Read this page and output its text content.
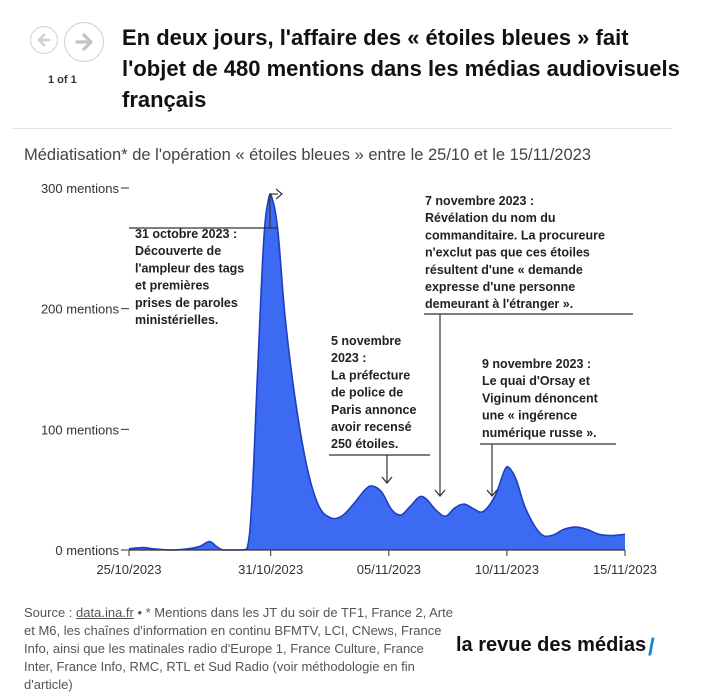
1 of 1
En deux jours, l'affaire des « étoiles bleues » fait l'objet de 480 mentions dans les médias audiovisuels français
Médiatisation* de l'opération « étoiles bleues » entre le 25/10 et le 15/11/2023
300 mentions
200 mentions
100 mentions
0 mentions
25/10/2023	31/10/2023	05/11/2023	10/11/2023	15/11/2023
31 octobre 2023 : Découverte de l'ampleur des tags et premières prises de paroles ministérielles.
5 novembre 2023 : La préfecture de police de Paris annonce avoir recensé 250 étoiles.
7 novembre 2023 : Révélation du nom du commanditaire. La procureure n'exclut pas que ces étoiles résultent d'une « demande expresse d'une personne demeurant à l'étranger ».
9 novembre 2023 : Le quai d'Orsay et Viginum dénoncent une « ingérence numérique russe ».
Source : data.ina.fr • * Mentions dans les JT du soir de TF1, France 2, Arte et M6, les chaînes d'information en continu BFMTV, LCI, CNews, France Info, ainsi que les matinales radio d'Europe 1, France Culture, France Inter, France Info, RMC, RTL et Sud Radio (voir méthodologie en fin d'article)
la revue des médias /
